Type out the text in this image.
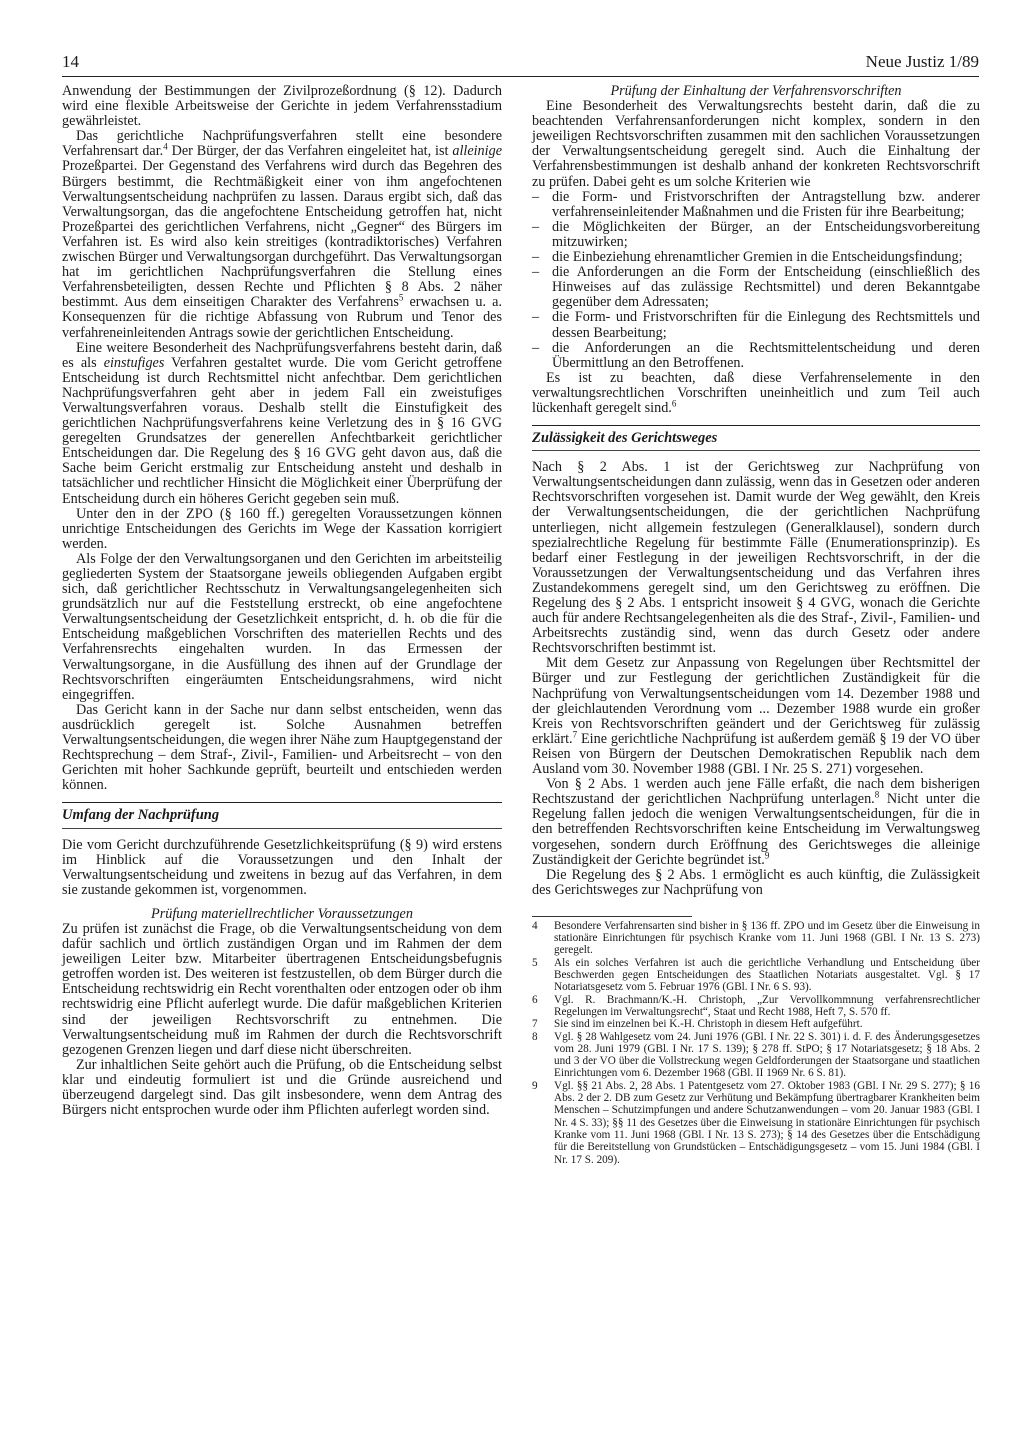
14	Neue Justiz 1/89

Anwendung der Bestimmungen der Zivilprozeßordnung (§ 12). Dadurch wird eine flexible Arbeitsweise der Gerichte in jedem Verfahrensstadium gewährleistet.

Das gerichtliche Nachprüfungsverfahren stellt eine besondere Verfahrensart dar.$^4$ Der Bürger, der das Verfahren eingeleitet hat, ist alleinige Prozeßpartei. Der Gegenstand des Verfahrens wird durch das Begehren des Bürgers bestimmt, die Rechtmäßigkeit einer von ihm angefochtenen Verwaltungsentscheidung nachprüfen zu lassen. Daraus ergibt sich, daß das Verwaltungsorgan, das die angefochtene Entscheidung getroffen hat, nicht Prozeßpartei des gerichtlichen Verfahrens, nicht „Gegner“ des Bürgers im Verfahren ist. Es wird also kein streitiges (kontradiktorisches) Verfahren zwischen Bürger und Verwaltungsorgan durchgeführt. Das Verwaltungsorgan hat im gerichtlichen Nachprüfungsverfahren die Stellung eines Verfahrensbeteiligten, dessen Rechte und Pflichten § 8 Abs. 2 näher bestimmt. Aus dem einseitigen Charakter des Verfahrens$^5$ erwachsen u. a. Konsequenzen für die richtige Abfassung von Rubrum und Tenor des verfahreneinleitenden Antrags sowie der gerichtlichen Entscheidung.

Eine weitere Besonderheit des Nachprüfungsverfahrens besteht darin, daß es als einstufiges Verfahren gestaltet wurde. Die vom Gericht getroffene Entscheidung ist durch Rechtsmittel nicht anfechtbar. Dem gerichtlichen Nachprüfungsverfahren geht aber in jedem Fall ein zweistufiges Verwaltungsverfahren voraus. Deshalb stellt die Einstufigkeit des gerichtlichen Nachprüfungsverfahrens keine Verletzung des in § 16 GVG geregelten Grundsatzes der generellen Anfechtbarkeit gerichtlicher Entscheidungen dar. Die Regelung des § 16 GVG geht davon aus, daß die Sache beim Gericht erstmalig zur Entscheidung ansteht und deshalb in tatsächlicher und rechtlicher Hinsicht die Möglichkeit einer Überprüfung der Entscheidung durch ein höheres Gericht gegeben sein muß.

Unter den in der ZPO (§ 160 ff.) geregelten Voraussetzungen können unrichtige Entscheidungen des Gerichts im Wege der Kassation korrigiert werden.

Als Folge der den Verwaltungsorganen und den Gerichten im arbeitsteilig gegliederten System der Staatsorgane jeweils obliegenden Aufgaben ergibt sich, daß gerichtlicher Rechtsschutz in Verwaltungsangelegenheiten sich grundsätzlich nur auf die Feststellung erstreckt, ob eine angefochtene Verwaltungsentscheidung der Gesetzlichkeit entspricht, d. h. ob die für die Entscheidung maßgeblichen Vorschriften des materiellen Rechts und des Verfahrensrechts eingehalten wurden. In das Ermessen der Verwaltungsorgane, in die Ausfüllung des ihnen auf der Grundlage der Rechtsvorschriften eingeräumten Entscheidungsrahmens, wird nicht eingegriffen.

Das Gericht kann in der Sache nur dann selbst entscheiden, wenn das ausdrücklich geregelt ist. Solche Ausnahmen betreffen Verwaltungsentscheidungen, die wegen ihrer Nähe zum Hauptgegenstand der Rechtsprechung – dem Straf-, Zivil-, Familien- und Arbeitsrecht – von den Gerichten mit hoher Sachkunde geprüft, beurteilt und entschieden werden können.

Umfang der Nachprüfung

Die vom Gericht durchzuführende Gesetzlichkeitsprüfung (§ 9) wird erstens im Hinblick auf die Voraussetzungen und den Inhalt der Verwaltungsentscheidung und zweitens in bezug auf das Verfahren, in dem sie zustande gekommen ist, vorgenommen.

Prüfung materiellrechtlicher Voraussetzungen

Zu prüfen ist zunächst die Frage, ob die Verwaltungsentscheidung von dem dafür sachlich und örtlich zuständigen Organ und im Rahmen der dem jeweiligen Leiter bzw. Mitarbeiter übertragenen Entscheidungsbefugnis getroffen worden ist. Des weiteren ist festzustellen, ob dem Bürger durch die Entscheidung rechtswidrig ein Recht vorenthalten oder entzogen oder ob ihm rechtswidrig eine Pflicht auferlegt wurde. Die dafür maßgeblichen Kriterien sind der jeweiligen Rechtsvorschrift zu entnehmen. Die Verwaltungsentscheidung muß im Rahmen der durch die Rechtsvorschrift gezogenen Grenzen liegen und darf diese nicht überschreiten.

Zur inhaltlichen Seite gehört auch die Prüfung, ob die Entscheidung selbst klar und eindeutig formuliert ist und die Gründe ausreichend und überzeugend dargelegt sind. Das gilt insbesondere, wenn dem Antrag des Bürgers nicht entsprochen wurde oder ihm Pflichten auferlegt worden sind.

Prüfung der Einhaltung der Verfahrensvorschriften

Eine Besonderheit des Verwaltungsrechts besteht darin, daß die zu beachtenden Verfahrensanforderungen nicht komplex, sondern in den jeweiligen Rechtsvorschriften zusammen mit den sachlichen Voraussetzungen der Verwaltungsentscheidung geregelt sind. Auch die Einhaltung der Verfahrensbestimmungen ist deshalb anhand der konkreten Rechtsvorschrift zu prüfen. Dabei geht es um solche Kriterien wie

– die Form- und Fristvorschriften der Antragstellung bzw. anderer verfahrenseinleitender Maßnahmen und die Fristen für ihre Bearbeitung;
– die Möglichkeiten der Bürger, an der Entscheidungsvorbereitung mitzuwirken;
– die Einbeziehung ehrenamtlicher Gremien in die Entscheidungsfindung;
– die Anforderungen an die Form der Entscheidung (einschließlich des Hinweises auf das zulässige Rechtsmittel) und deren Bekanntgabe gegenüber dem Adressaten;
– die Form- und Fristvorschriften für die Einlegung des Rechtsmittels und dessen Bearbeitung;
– die Anforderungen an die Rechtsmittelentscheidung und deren Übermittlung an den Betroffenen.

Es ist zu beachten, daß diese Verfahrenselemente in den verwaltungsrechtlichen Vorschriften uneinheitlich und zum Teil auch lückenhaft geregelt sind.$^6$

Zulässigkeit des Gerichtsweges

Nach § 2 Abs. 1 ist der Gerichtsweg zur Nachprüfung von Verwaltungsentscheidungen dann zulässig, wenn das in Gesetzen oder anderen Rechtsvorschriften vorgesehen ist. Damit wurde der Weg gewählt, den Kreis der Verwaltungsentscheidungen, die der gerichtlichen Nachprüfung unterliegen, nicht allgemein festzulegen (Generalklausel), sondern durch spezialrechtliche Regelung für bestimmte Fälle (Enumerationsprinzip). Es bedarf einer Festlegung in der jeweiligen Rechtsvorschrift, in der die Voraussetzungen der Verwaltungsentscheidung und das Verfahren ihres Zustandekommens geregelt sind, um den Gerichtsweg zu eröffnen. Die Regelung des § 2 Abs. 1 entspricht insoweit § 4 GVG, wonach die Gerichte auch für andere Rechtsangelegenheiten als die des Straf-, Zivil-, Familien- und Arbeitsrechts zuständig sind, wenn das durch Gesetz oder andere Rechtsvorschriften bestimmt ist.

Mit dem Gesetz zur Anpassung von Regelungen über Rechtsmittel der Bürger und zur Festlegung der gerichtlichen Zuständigkeit für die Nachprüfung von Verwaltungsentscheidungen vom 14. Dezember 1988 und der gleichlautenden Verordnung vom ... Dezember 1988 wurde ein großer Kreis von Rechtsvorschriften geändert und der Gerichtsweg für zulässig erklärt.$^7$ Eine gerichtliche Nachprüfung ist außerdem gemäß § 19 der VO über Reisen von Bürgern der Deutschen Demokratischen Republik nach dem Ausland vom 30. November 1988 (GBl. I Nr. 25 S. 271) vorgesehen.

Von § 2 Abs. 1 werden auch jene Fälle erfaßt, die nach dem bisherigen Rechtszustand der gerichtlichen Nachprüfung unterlagen.$^8$ Nicht unter die Regelung fallen jedoch die wenigen Verwaltungsentscheidungen, für die in den betreffenden Rechtsvorschriften keine Entscheidung im Verwaltungsweg vorgesehen, sondern durch Eröffnung des Gerichtsweges die alleinige Zuständigkeit der Gerichte begründet ist.$^9$

Die Regelung des § 2 Abs. 1 ermöglicht es auch künftig, die Zulässigkeit des Gerichtsweges zur Nachprüfung von

4 Besondere Verfahrensarten sind bisher in § 136 ff. ZPO und im Gesetz über die Einweisung in stationäre Einrichtungen für psychisch Kranke vom 11. Juni 1968 (GBl. I Nr. 13 S. 273) geregelt.
5 Als ein solches Verfahren ist auch die gerichtliche Verhandlung und Entscheidung über Beschwerden gegen Entscheidungen des Staatlichen Notariats ausgestaltet. Vgl. § 17 Notariatsgesetz vom 5. Februar 1976 (GBl. I Nr. 6 S. 93).
6 Vgl. R. Brachmann/K.-H. Christoph, „Zur Vervollkommnung verfahrensrechtlicher Regelungen im Verwaltungsrecht“, Staat und Recht 1988, Heft 7, S. 570 ff.
7 Sie sind im einzelnen bei K.-H. Christoph in diesem Heft aufgeführt.
8 Vgl. § 28 Wahlgesetz vom 24. Juni 1976 (GBl. I Nr. 22 S. 301) i. d. F. des Änderungsgesetzes vom 28. Juni 1979 (GBl. I Nr. 17 S. 139); § 278 ff. StPO; § 17 Notariatsgesetz; § 18 Abs. 2 und 3 der VO über die Vollstreckung wegen Geldforderungen der Staatsorgane und staatlichen Einrichtungen vom 6. Dezember 1968 (GBl. II 1969 Nr. 6 S. 81).
9 Vgl. §§ 21 Abs. 2, 28 Abs. 1 Patentgesetz vom 27. Oktober 1983 (GBl. I Nr. 29 S. 277); § 16 Abs. 2 der 2. DB zum Gesetz zur Verhütung und Bekämpfung übertragbarer Krankheiten beim Menschen – Schutzimpfungen und andere Schutzanwendungen – vom 20. Januar 1983 (GBl. I Nr. 4 S. 33); §§ 11 des Gesetzes über die Einweisung in stationäre Einrichtungen für psychisch Kranke vom 11. Juni 1968 (GBl. I Nr. 13 S. 273); § 14 des Gesetzes über die Entschädigung für die Bereitstellung von Grundstücken – Entschädigungsgesetz – vom 15. Juni 1984 (GBl. I Nr. 17 S. 209).
